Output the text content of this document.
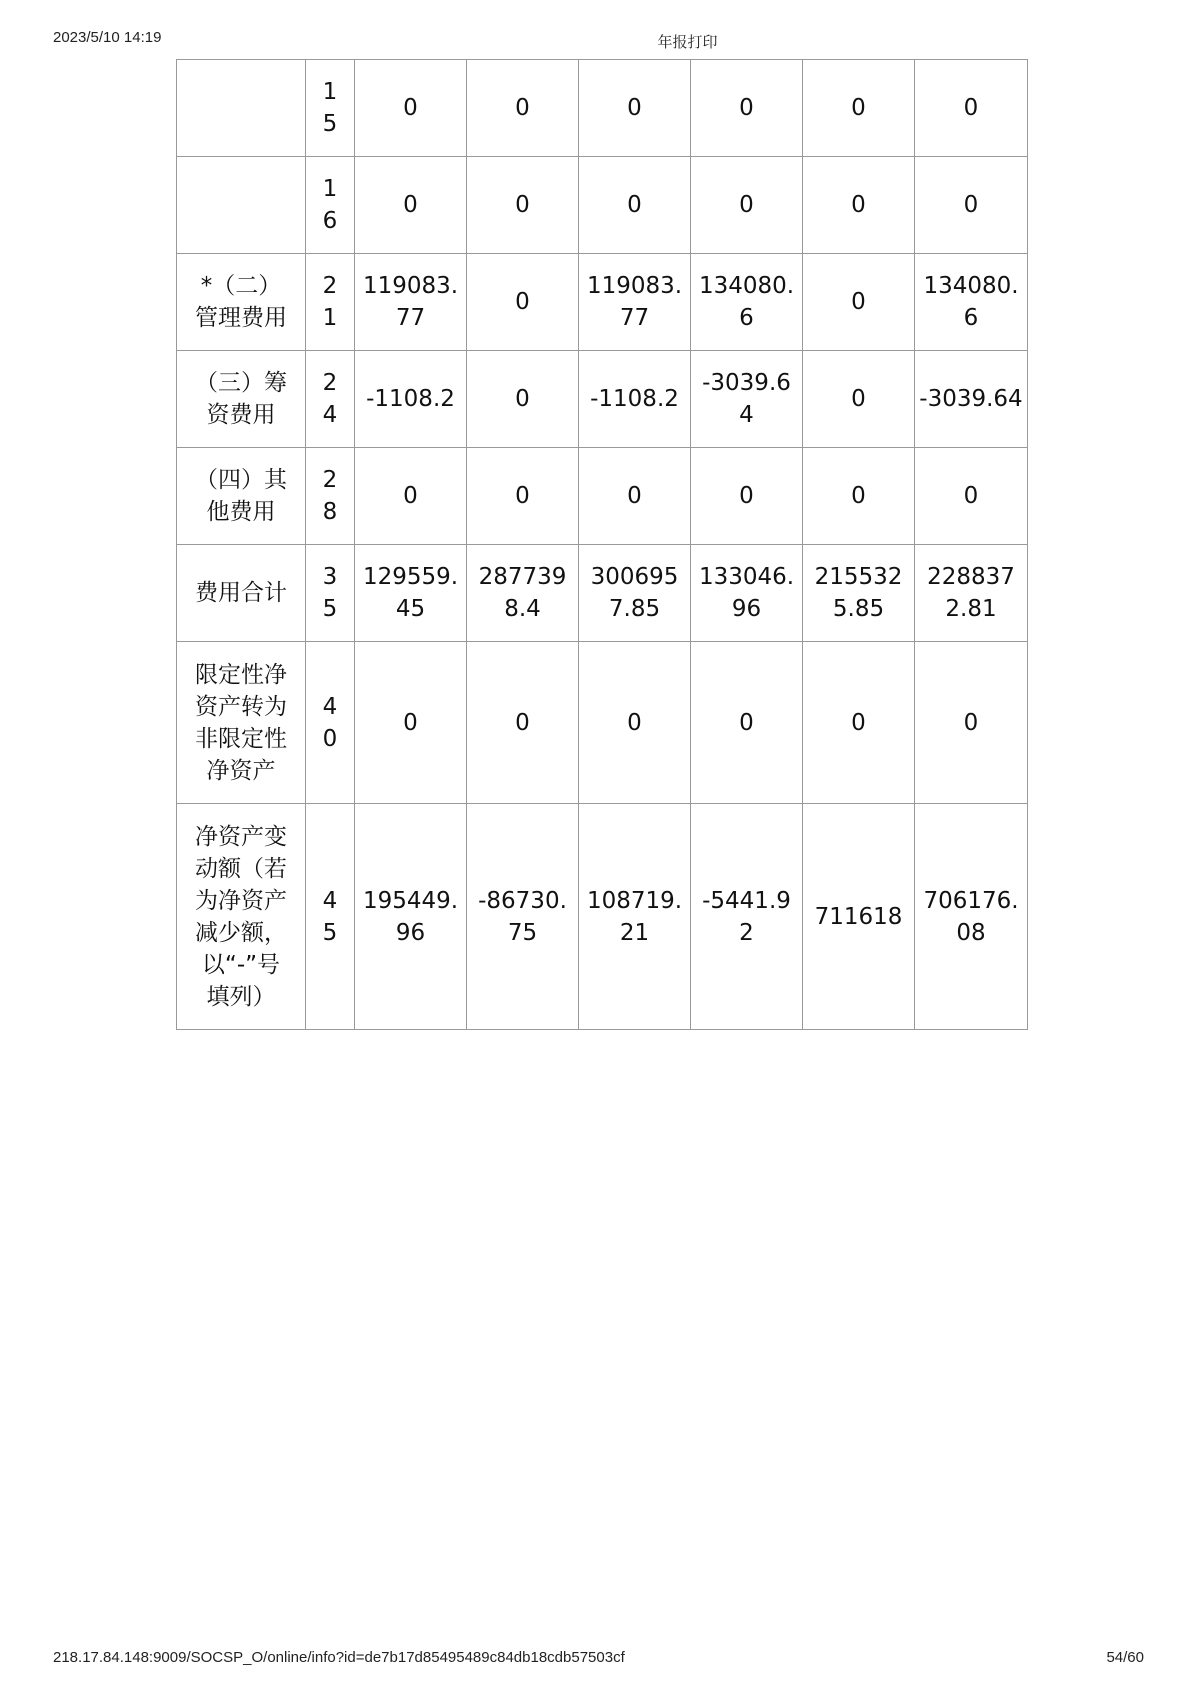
2023/5/10 14:19	年报打印
	15	0	0	0	0	0	0
	16	0	0	0	0	0	0
*（二）管理费用	21	119083.77	0	119083.77	134080.6	0	134080.6
（三）筹资费用	24	-1108.2	0	-1108.2	-3039.64	0	-3039.64
（四）其他费用	28	0	0	0	0	0	0
费用合计	35	129559.45	2877398.4	3006957.85	133046.96	2155325.85	2288372.81
限定性净资产转为非限定性净资产	40	0	0	0	0	0	0
净资产变动额（若为净资产减少额，以“-”号填列）	45	195449.96	-86730.75	108719.21	-5441.92	711618	706176.08
218.17.84.148:9009/SOCSP_O/online/info?id=de7b17d85495489c84db18cdb57503cf	54/60
